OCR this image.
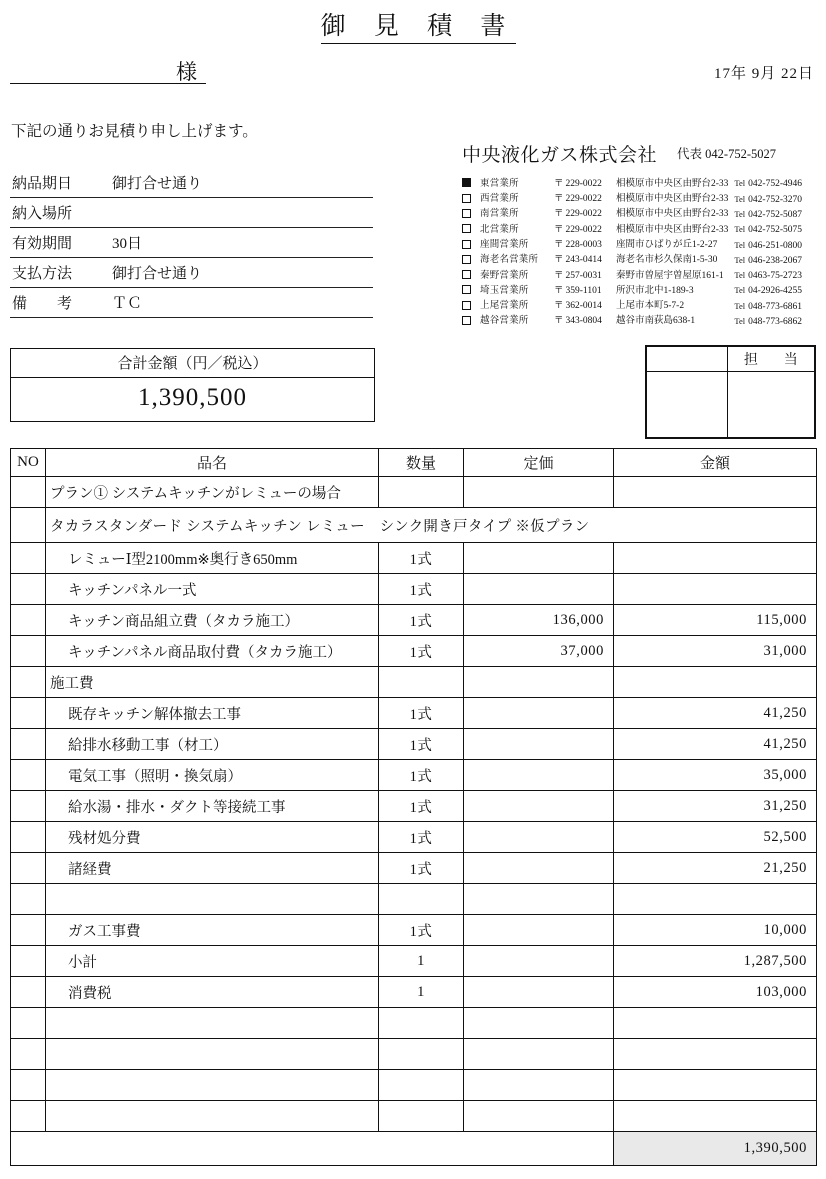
御 見 積 書
様	17年 9月 22日
下記の通りお見積り申し上げます。
納品期日	御打合せ通り
納入場所	
有効期間	30日
支払方法	御打合せ通り
備　　考	ＴＣ
中央液化ガス株式会社 代表 042-752-5027
	東営業所	〒 229-0022	相模原市中央区由野台2-33	Tel 042-752-4946
	西営業所	〒 229-0022	相模原市中央区由野台2-33	Tel 042-752-3270
	南営業所	〒 229-0022	相模原市中央区由野台2-33	Tel 042-752-5087
	北営業所	〒 229-0022	相模原市中央区由野台2-33	Tel 042-752-5075
	座間営業所	〒 228-0003	座間市ひばりが丘1-2-27	Tel 046-251-0800
	海老名営業所	〒 243-0414	海老名市杉久保南1-5-30	Tel 046-238-2067
	秦野営業所	〒 257-0031	秦野市曽屋宇曽屋原161-1	Tel 0463-75-2723
	埼玉営業所	〒 359-1101	所沢市北中1-189-3	Tel 04-2926-4255
	上尾営業所	〒 362-0014	上尾市本町5-7-2	Tel 048-773-6861
	越谷営業所	〒 343-0804	越谷市南荻島638-1	Tel 048-773-6862
合計金額（円／税込）
1,390,500
	担　当

NO	品名	数量	定価	金額
	プラン① システムキッチンがレミューの場合			
	タカラスタンダード システムキッチン レミュー　シンク開き戸タイプ ※仮プラン			
	レミューⅠ型2100mm※奥行き650mm	1式		
	キッチンパネル一式	1式		
	キッチン商品組立費（タカラ施工）	1式	136,000	115,000
	キッチンパネル商品取付費（タカラ施工）	1式	37,000	31,000
	施工費			
	既存キッチン解体撤去工事	1式		41,250
	給排水移動工事（材工）	1式		41,250
	電気工事（照明・換気扇）	1式		35,000
	給水湯・排水・ダクト等接続工事	1式		31,250
	残材処分費	1式		52,500
	諸経費	1式		21,250

	ガス工事費	1式		10,000
	小計	1		1,287,500
	消費税	1		103,000

				1,390,500
